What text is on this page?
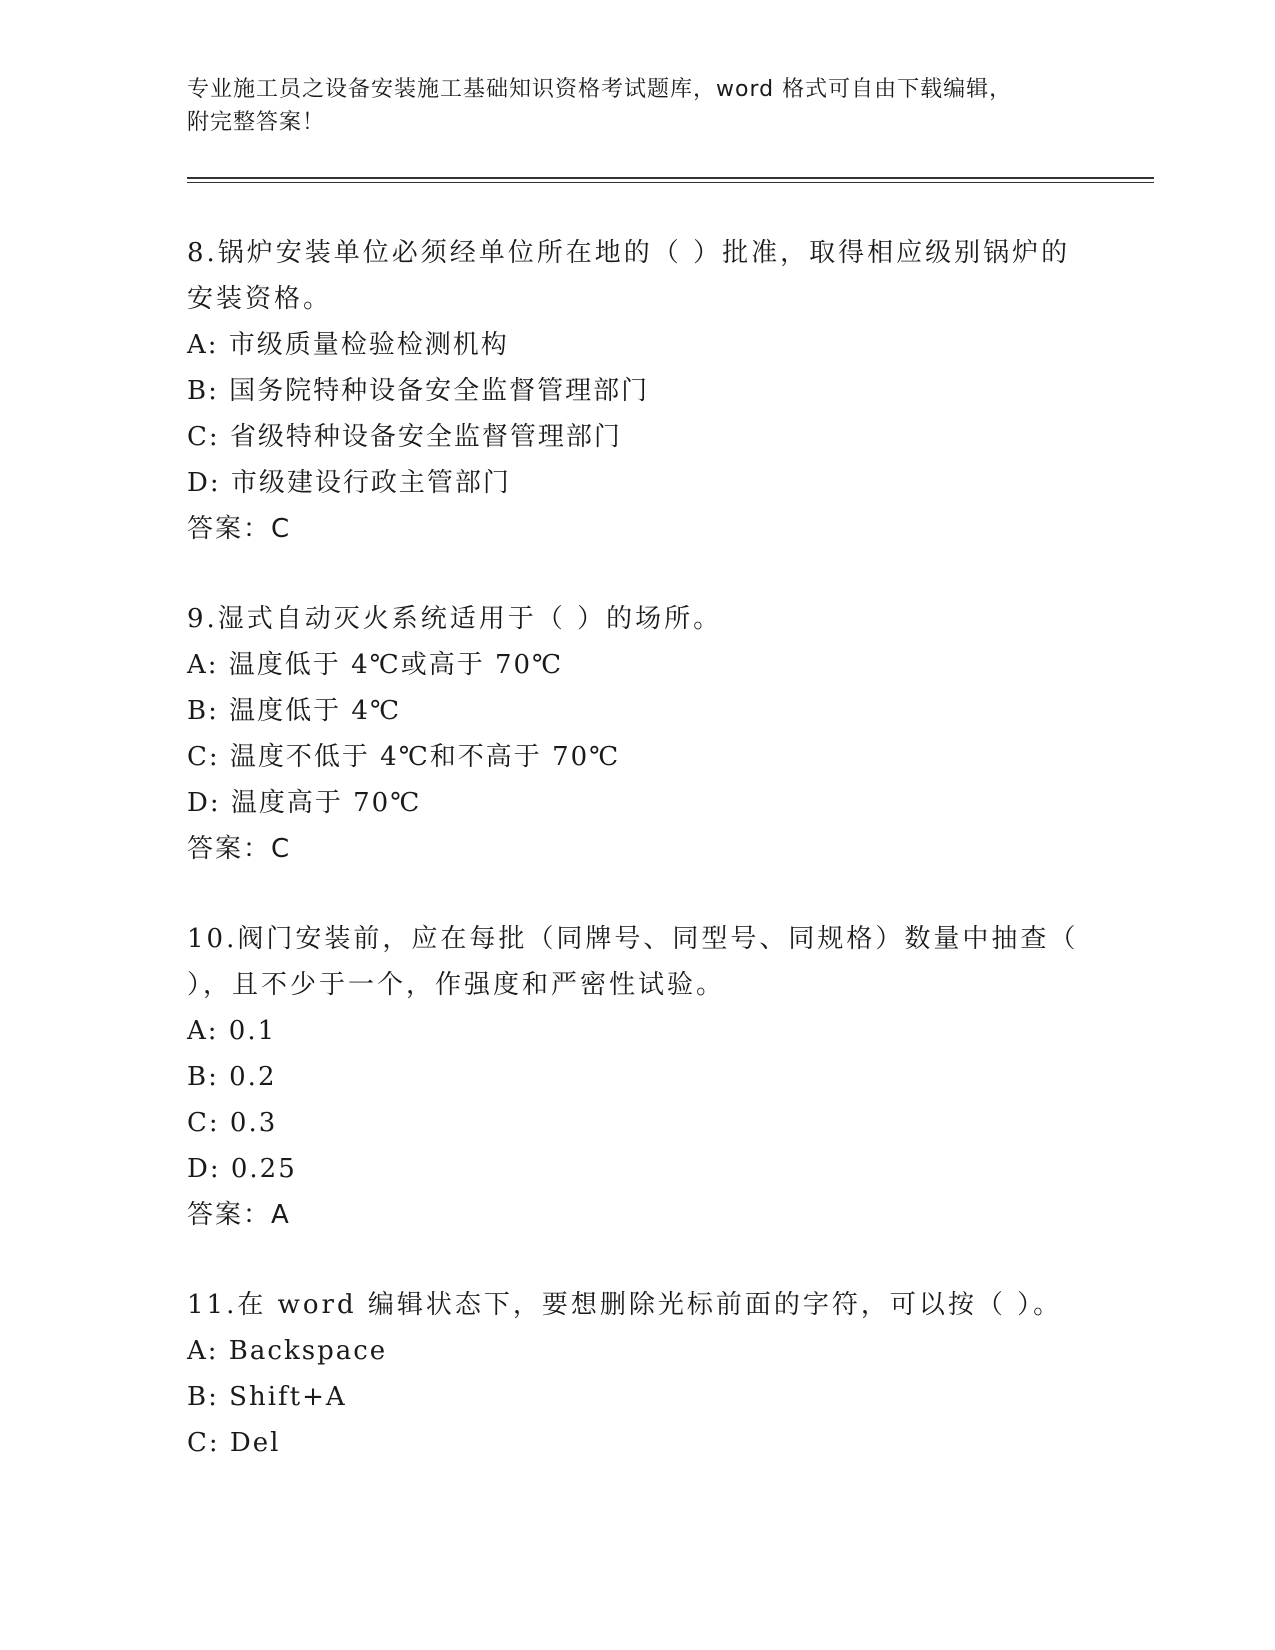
专业施工员之设备安装施工基础知识资格考试题库，word 格式可自由下载编辑，
附完整答案！
8.锅炉安装单位必须经单位所在地的（ ）批准，取得相应级别锅炉的
安装资格。
A: 市级质量检验检测机构
B: 国务院特种设备安全监督管理部门
C: 省级特种设备安全监督管理部门
D: 市级建设行政主管部门
答案：C
9.湿式自动灭火系统适用于（ ）的场所。
A: 温度低于 4℃或高于 70℃
B: 温度低于 4℃
C: 温度不低于 4℃和不高于 70℃
D: 温度高于 70℃
答案：C
10.阀门安装前，应在每批（同牌号、同型号、同规格）数量中抽查（
），且不少于一个，作强度和严密性试验。
A: 0.1
B: 0.2
C: 0.3
D: 0.25
答案：A
11.在 word 编辑状态下，要想删除光标前面的字符，可以按（ ）。
A: Backspace
B: Shift+A
C: Del
